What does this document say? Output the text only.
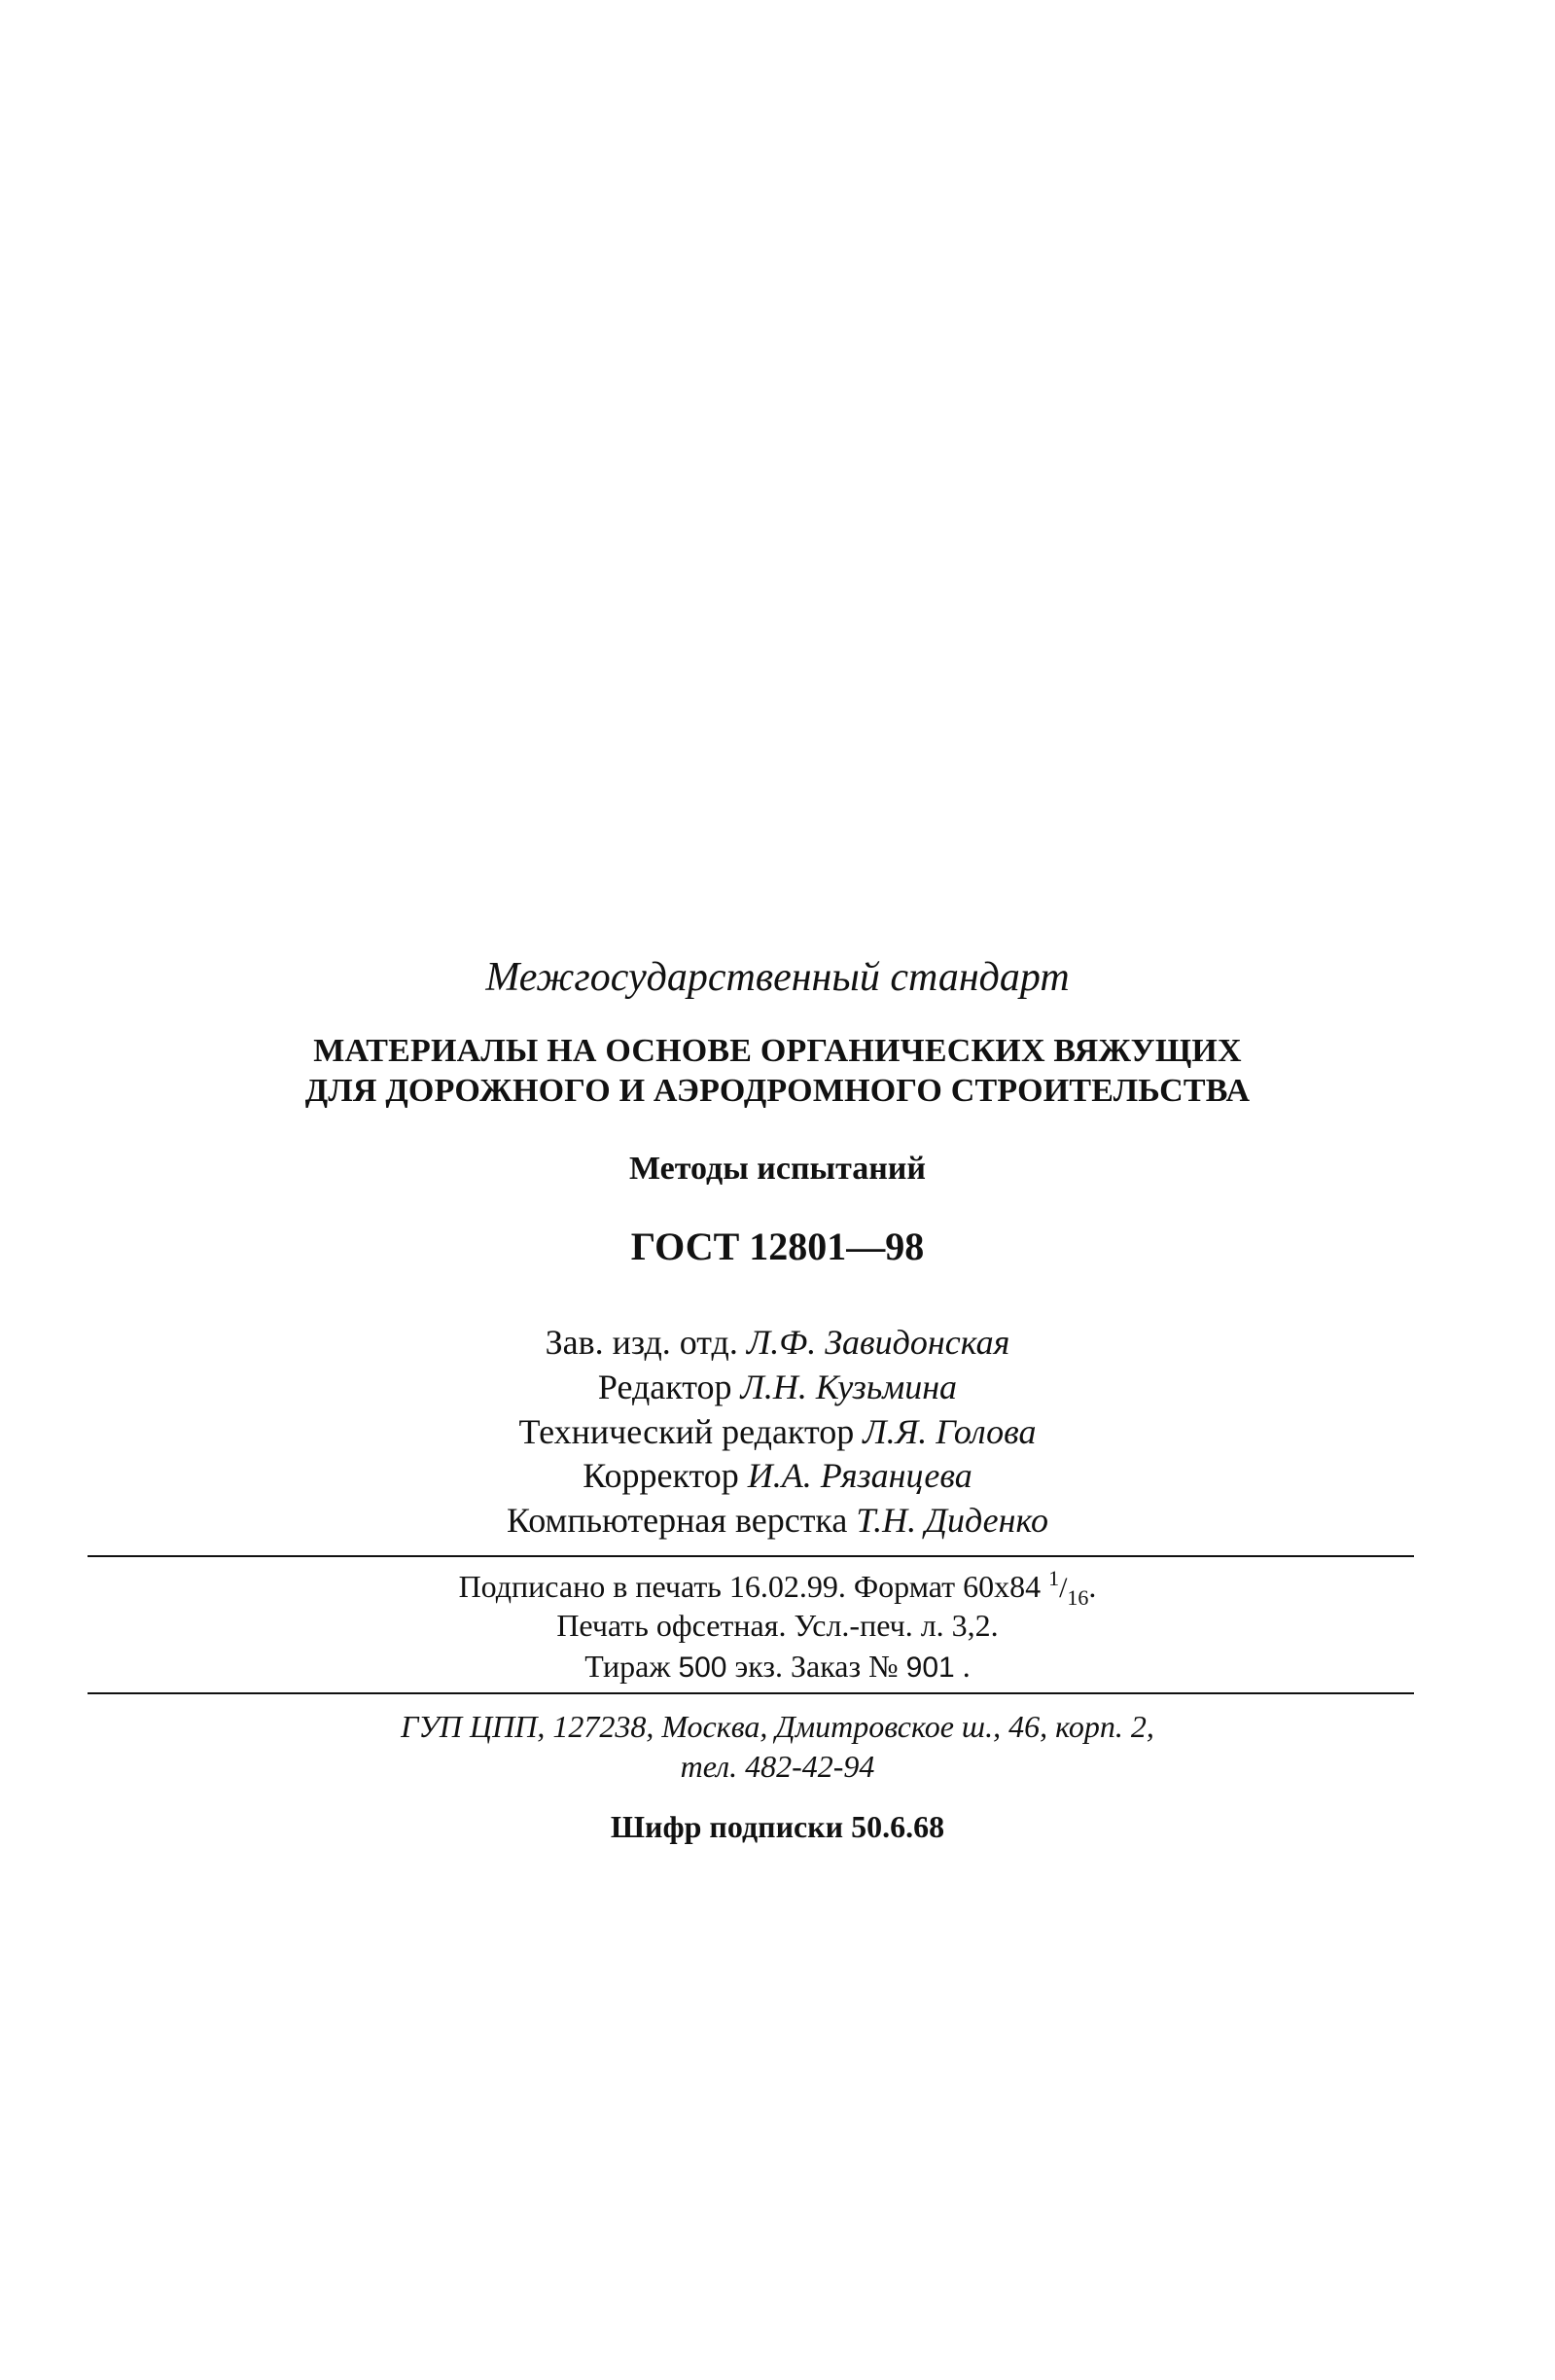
Межгосударственный стандарт
МАТЕРИАЛЫ НА ОСНОВЕ ОРГАНИЧЕСКИХ ВЯЖУЩИХ
ДЛЯ ДОРОЖНОГО И АЭРОДРОМНОГО СТРОИТЕЛЬСТВА
Методы испытаний
ГОСТ 12801—98
Зав. изд. отд. Л.Ф. Завидонская
Редактор Л.Н. Кузьмина
Технический редактор Л.Я. Голова
Корректор И.А. Рязанцева
Компьютерная верстка Т.Н. Диденко
Подписано в печать 16.02.99. Формат 60х84 $^1/_{16}$.
Печать офсетная. Усл.-печ. л. 3,2.
Тираж 500 экз. Заказ № 901 .
ГУП ЦПП, 127238, Москва, Дмитровское ш., 46, корп. 2,
тел. 482-42-94
Шифр подписки 50.6.68
